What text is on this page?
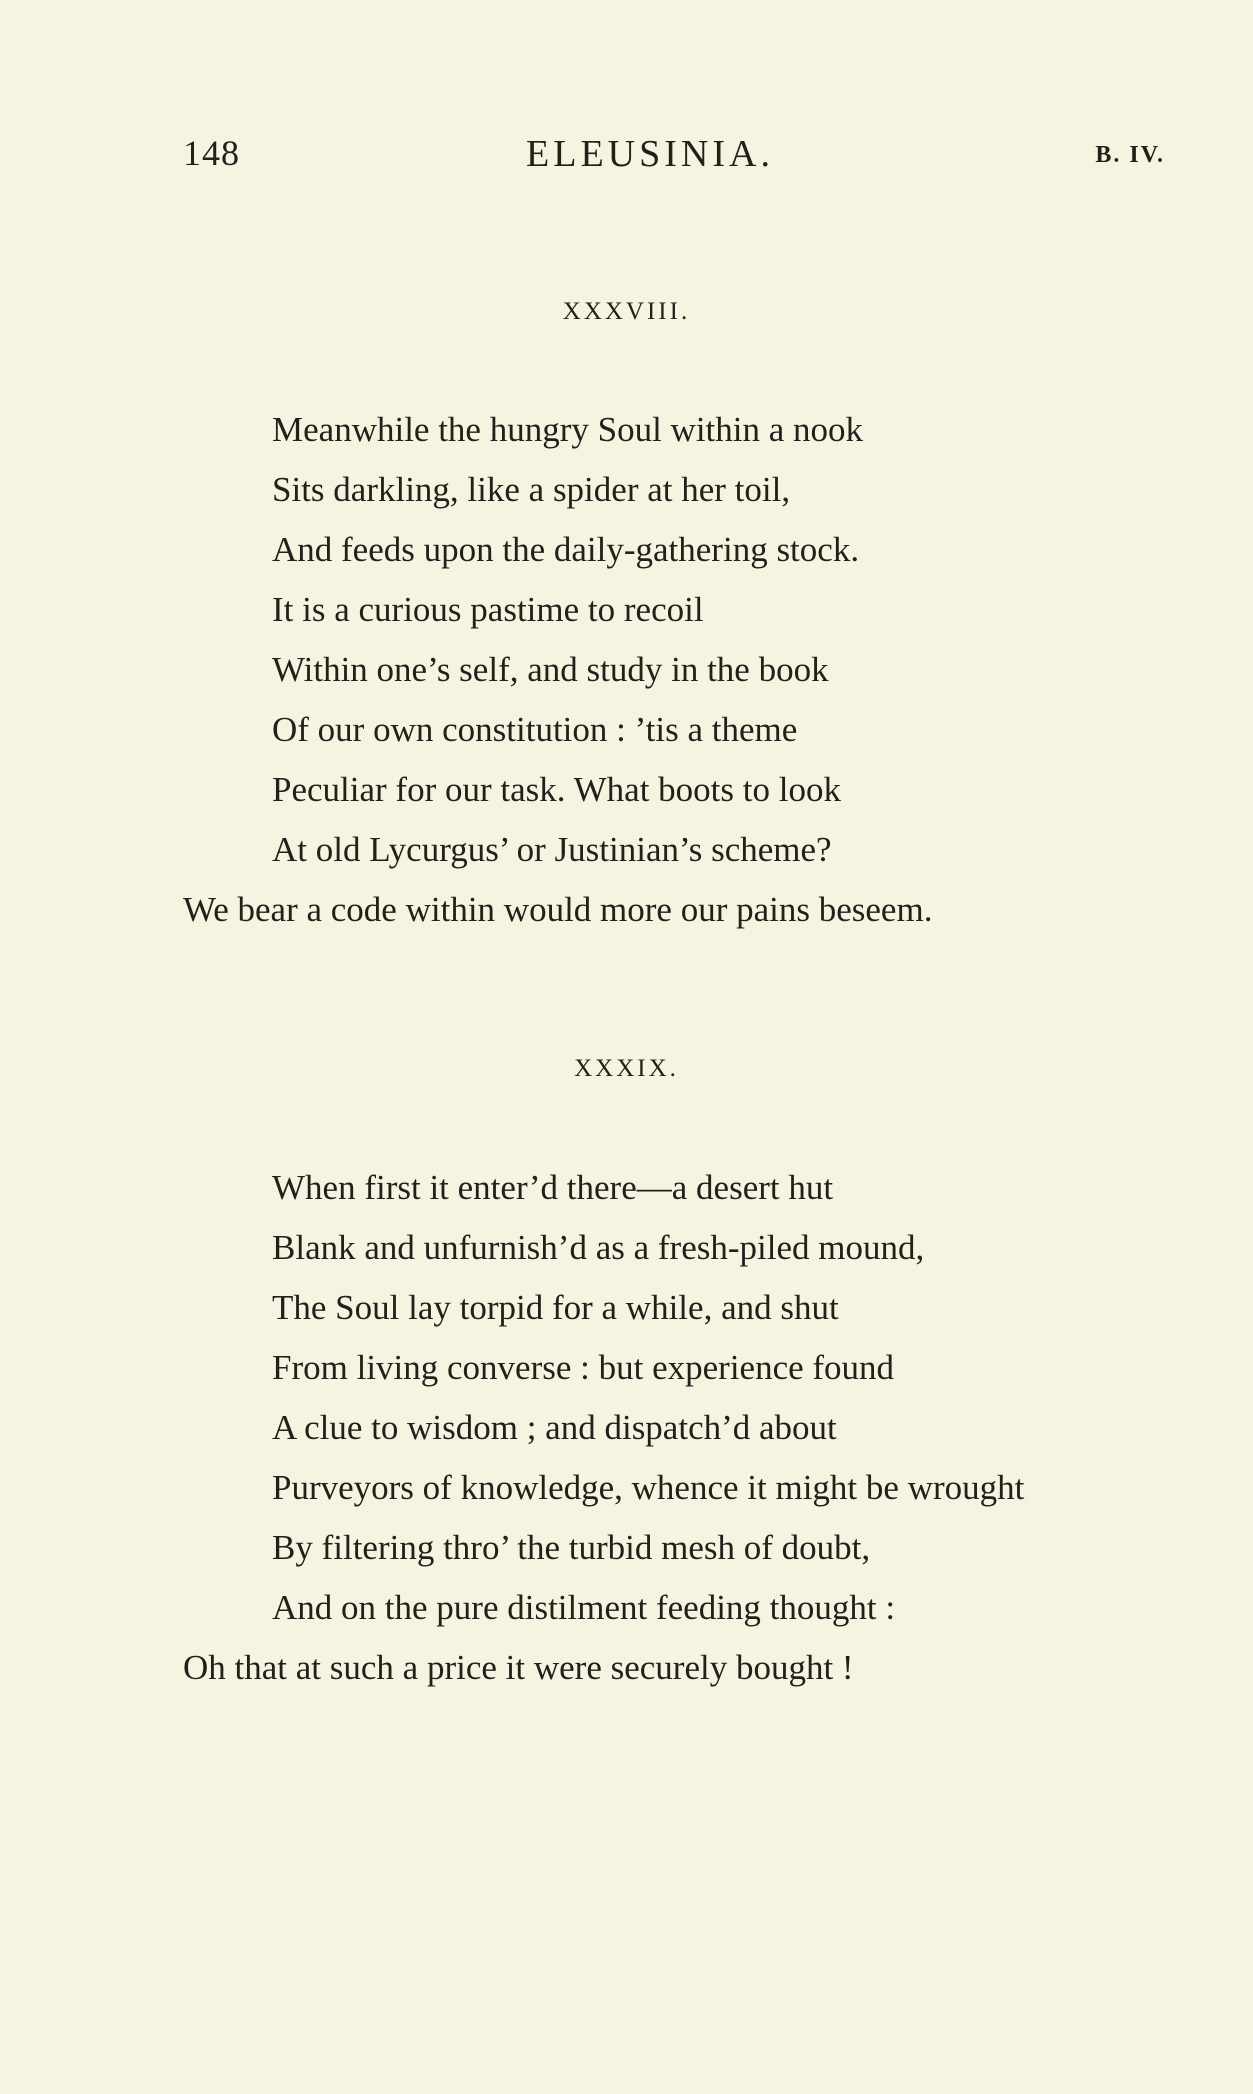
148	ELEUSINIA.	B. IV.
XXXVIII.
Meanwhile the hungry Soul within a nook
Sits darkling, like a spider at her toil,
And feeds upon the daily-gathering stock.
It is a curious pastime to recoil
Within one’s self, and study in the book
Of our own constitution : ’tis a theme
Peculiar for our task. What boots to look
At old Lycurgus’ or Justinian’s scheme?
We bear a code within would more our pains beseem.
XXXIX.
When first it enter’d there—a desert hut
Blank and unfurnish’d as a fresh-piled mound,
The Soul lay torpid for a while, and shut
From living converse : but experience found
A clue to wisdom ; and dispatch’d about
Purveyors of knowledge, whence it might be wrought
By filtering thro’ the turbid mesh of doubt,
And on the pure distilment feeding thought :
Oh that at such a price it were securely bought !
